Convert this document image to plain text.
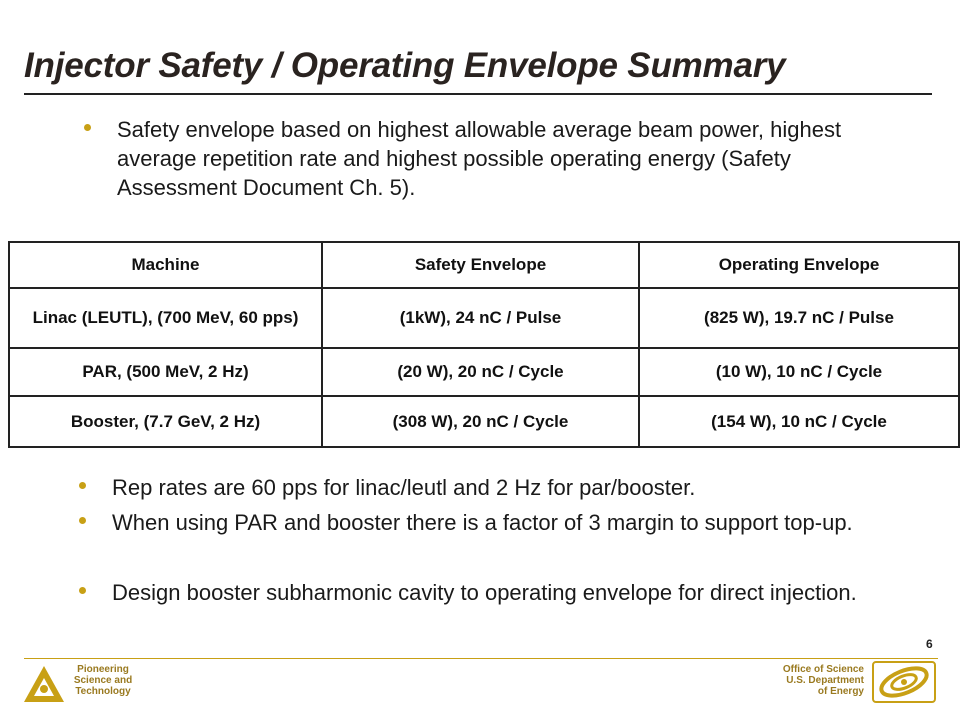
Injector Safety / Operating Envelope Summary
Safety envelope based on highest allowable average beam power, highest average repetition rate and highest possible operating energy (Safety Assessment Document Ch. 5).
Machine	Safety Envelope	Operating Envelope
Linac (LEUTL), (700 MeV, 60 pps)	(1kW), 24 nC / Pulse	(825 W), 19.7 nC / Pulse
PAR, (500 MeV, 2 Hz)	(20 W), 20 nC / Cycle	(10 W), 10 nC / Cycle
Booster, (7.7 GeV, 2 Hz)	(308 W), 20 nC / Cycle	(154 W), 10 nC / Cycle
Rep rates are 60 pps for linac/leutl and 2 Hz for par/booster.
When using PAR and booster there is a factor of 3 margin to support top-up.
Design booster subharmonic cavity to operating envelope for direct injection.
6
Pioneering
Science and
Technology
Office of Science
U.S. Department
of Energy
